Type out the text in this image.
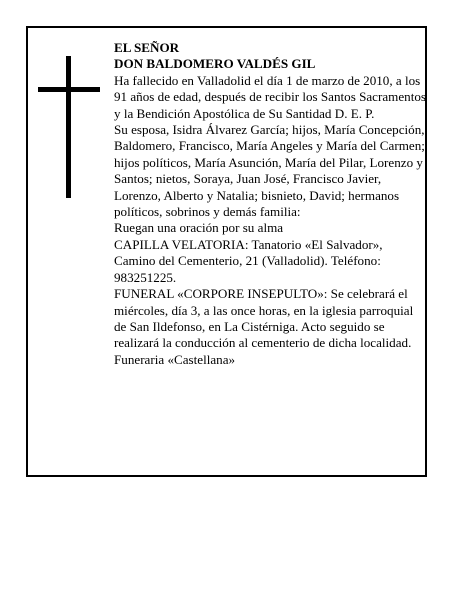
EL SEÑOR

DON BALDOMERO VALDÉS GIL

Ha fallecido en Valladolid el día 1 de marzo de 2010, a los 91 años de edad, después de recibir los Santos Sacramentos y la Bendición Apostólica de Su Santidad D. E. P.

Su esposa, Isidra Álvarez García; hijos, María Concepción, Baldomero, Francisco, María Angeles y María del Carmen; hijos políticos, María Asunción, María del Pilar, Lorenzo y Santos; nietos, Soraya, Juan José, Francisco Javier, Lorenzo, Alberto y Natalia; bisnieto, David; hermanos políticos, sobrinos y demás familia:

Ruegan una oración por su alma

CAPILLA VELATORIA: Tanatorio «El Salvador», Camino del Cementerio, 21 (Valladolid). Teléfono: 983251225.

FUNERAL «CORPORE INSEPULTO»: Se celebrará el miércoles, día 3, a las once horas, en la iglesia parroquial de San Ildefonso, en La Cistérniga. Acto seguido se realizará la conducción al cementerio de dicha localidad.

Funeraria «Castellana»
